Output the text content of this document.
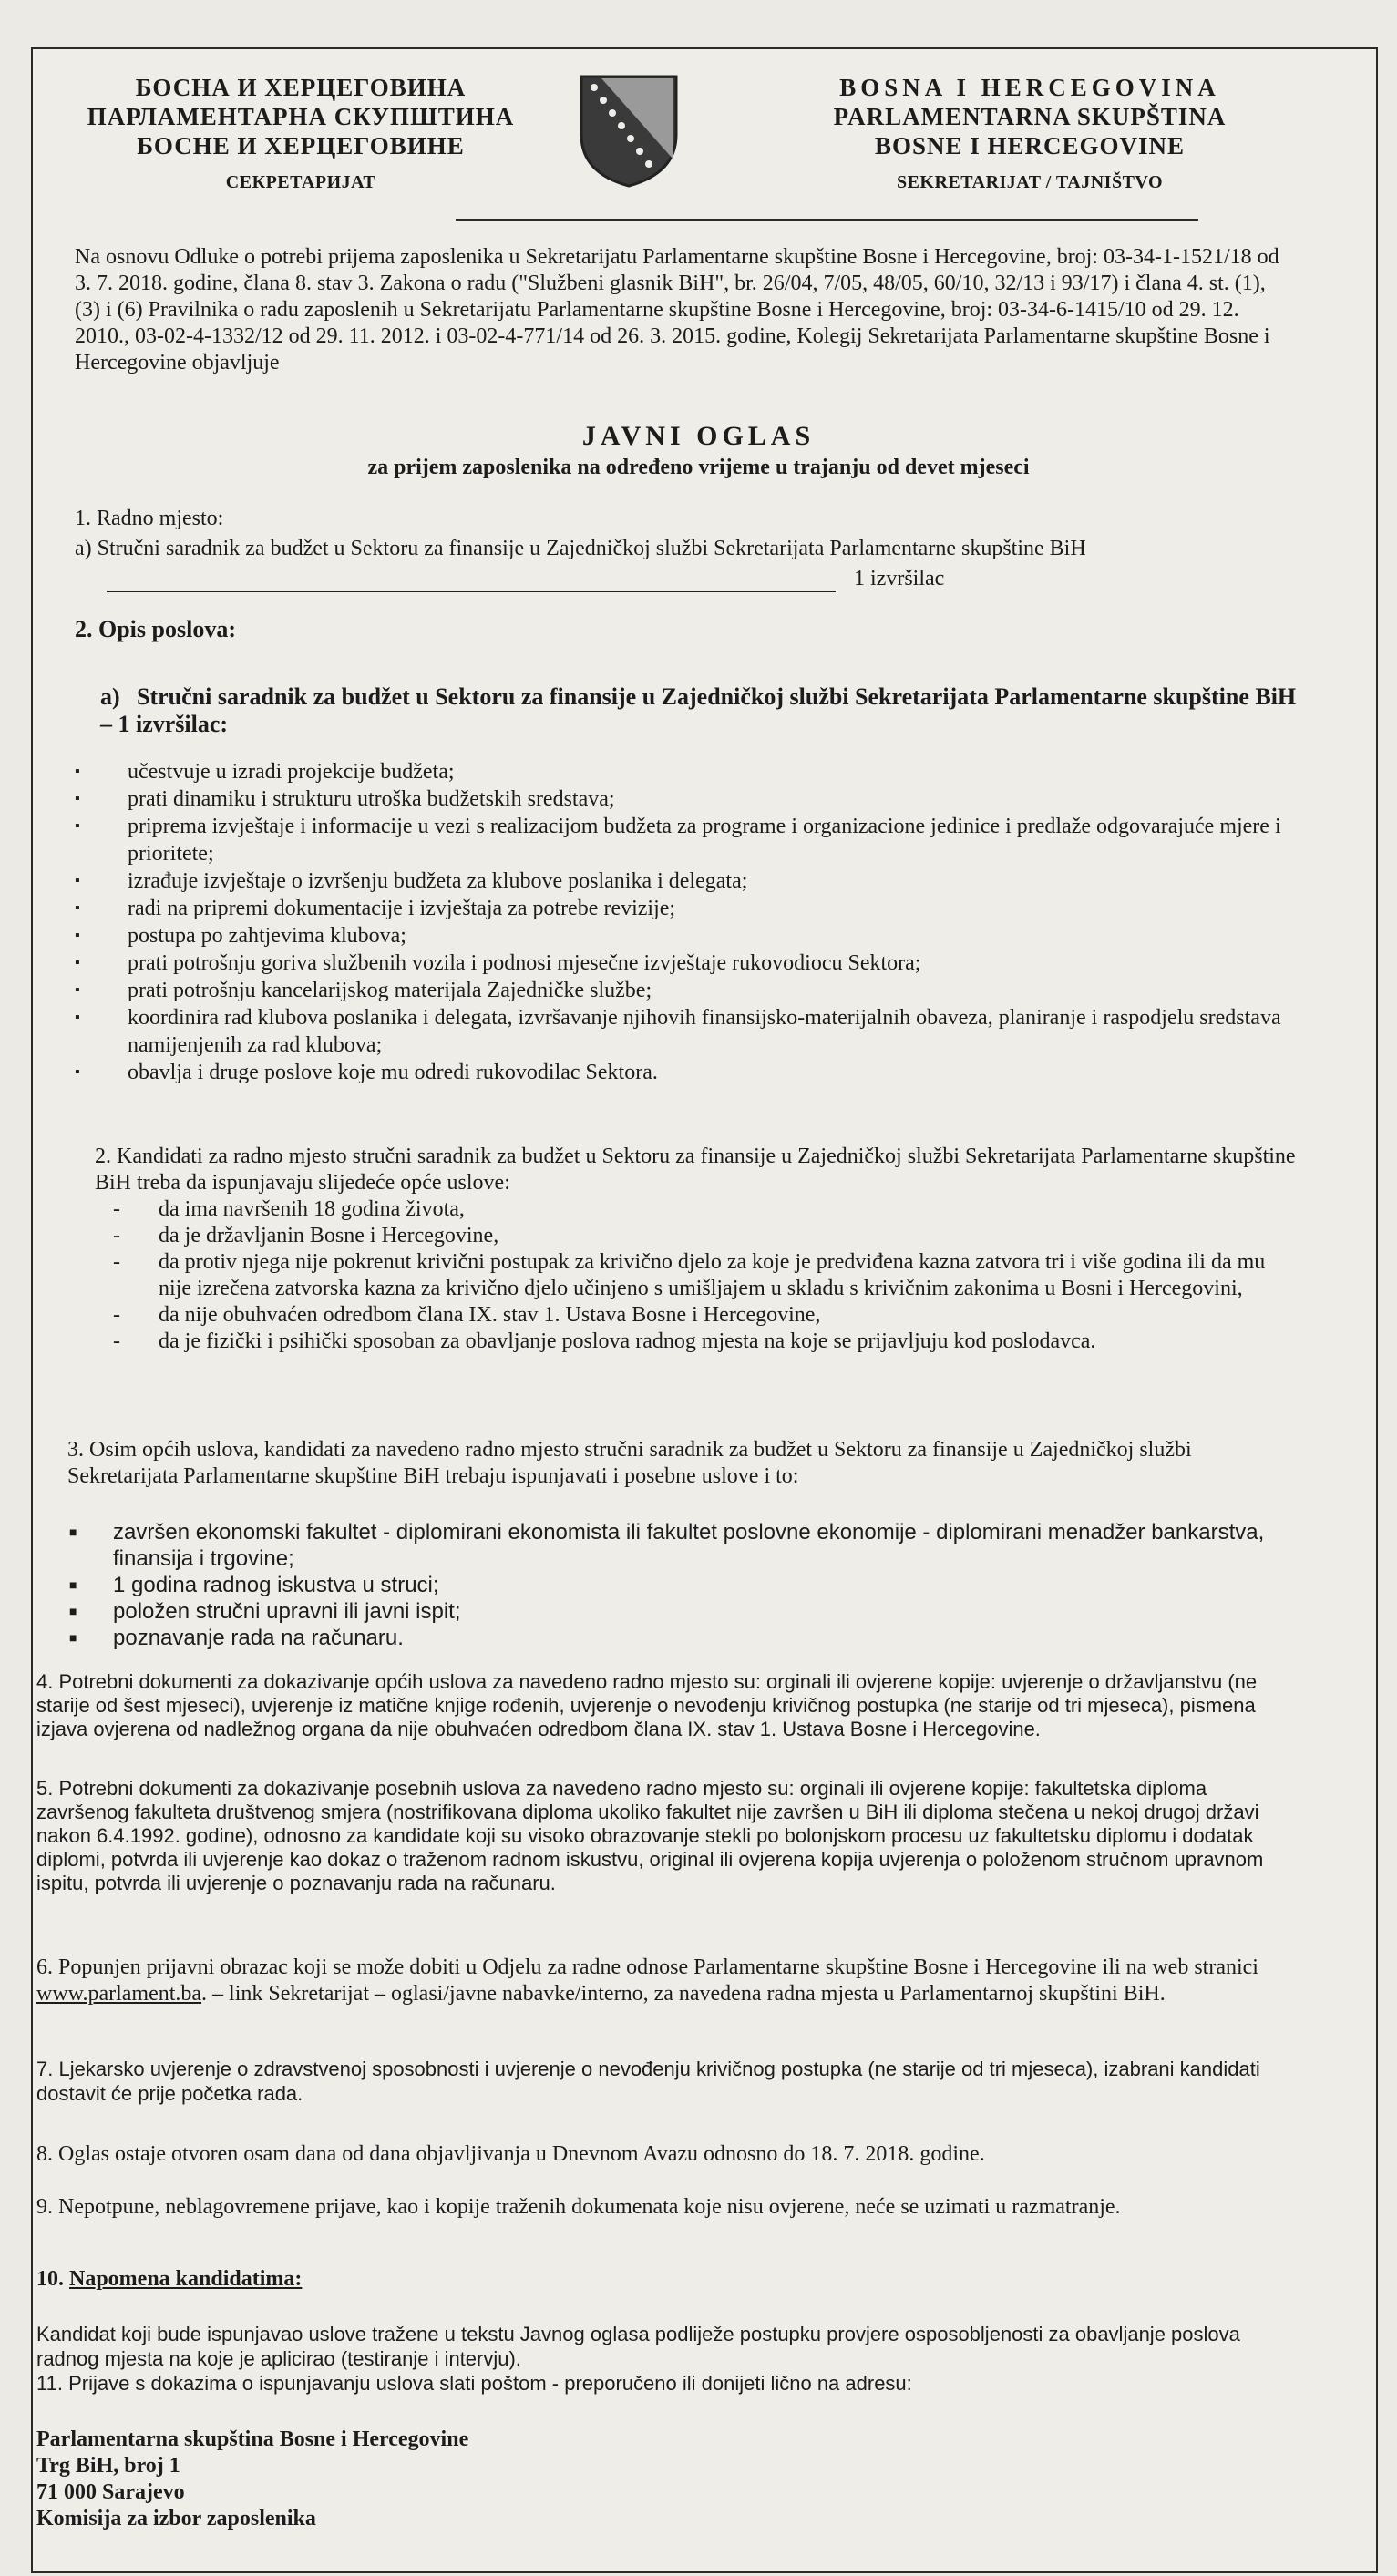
БОСНА И ХЕРЦЕГОВИНА
ПАРЛАМЕНТАРНА СКУПШТИНА
БОСНЕ И ХЕРЦЕГОВИНЕ
СЕКРЕТАРИЈАТ
BOSNA I HERCEGOVINA
PARLAMENTARNA SKUPŠTINA
BOSNE I HERCEGOVINE
SEKRETARIJAT / TAJNIŠTVO
Na osnovu Odluke o potrebi prijema zaposlenika u Sekretarijatu Parlamentarne skupštine Bosne i Hercegovine, broj: 03-34-1-1521/18 od 3. 7. 2018. godine, člana 8. stav 3. Zakona o radu ("Službeni glasnik BiH", br. 26/04, 7/05, 48/05, 60/10, 32/13 i 93/17) i člana 4. st. (1), (3) i (6) Pravilnika o radu zaposlenih u Sekretarijatu Parlamentarne skupštine Bosne i Hercegovine, broj: 03-34-6-1415/10 od 29. 12. 2010., 03-02-4-1332/12 od 29. 11. 2012. i 03-02-4-771/14 od 26. 3. 2015. godine, Kolegij Sekretarijata Parlamentarne skupštine Bosne i Hercegovine objavljuje
JAVNI OGLAS
za prijem zaposlenika na određeno vrijeme u trajanju od devet mjeseci
1. Radno mjesto:
a) Stručni saradnik za budžet u Sektoru za finansije u Zajedničkoj službi Sekretarijata Parlamentarne skupštine BiH
1 izvršilac
2. Opis poslova:
a) Stručni saradnik za budžet u Sektoru za finansije u Zajedničkoj službi Sekretarijata Parlamentarne skupštine BiH – 1 izvršilac:
▪ učestvuje u izradi projekcije budžeta;
▪ prati dinamiku i strukturu utroška budžetskih sredstava;
▪ priprema izvještaje i informacije u vezi s realizacijom budžeta za programe i organizacione jedinice i predlaže odgovarajuće mjere i prioritete;
▪ izrađuje izvještaje o izvršenju budžeta za klubove poslanika i delegata;
▪ radi na pripremi dokumentacije i izvještaja za potrebe revizije;
▪ postupa po zahtjevima klubova;
▪ prati potrošnju goriva službenih vozila i podnosi mjesečne izvještaje rukovodiocu Sektora;
▪ prati potrošnju kancelarijskog materijala Zajedničke službe;
▪ koordinira rad klubova poslanika i delegata, izvršavanje njihovih finansijsko-materijalnih obaveza, planiranje i raspodjelu sredstava namijenjenih za rad klubova;
▪ obavlja i druge poslove koje mu odredi rukovodilac Sektora.
2. Kandidati za radno mjesto stručni saradnik za budžet u Sektoru za finansije u Zajedničkoj službi Sekretarijata Parlamentarne skupštine BiH treba da ispunjavaju slijedeće opće uslove:
- da ima navršenih 18 godina života,
- da je državljanin Bosne i Hercegovine,
- da protiv njega nije pokrenut krivični postupak za krivično djelo za koje je predviđena kazna zatvora tri i više godina ili da mu nije izrečena zatvorska kazna za krivično djelo učinjeno s umišljajem u skladu s krivičnim zakonima u Bosni i Hercegovini,
- da nije obuhvaćen odredbom člana IX. stav 1. Ustava Bosne i Hercegovine,
- da je fizički i psihički sposoban za obavljanje poslova radnog mjesta na koje se prijavljuju kod poslodavca.
3. Osim općih uslova, kandidati za navedeno radno mjesto stručni saradnik za budžet u Sektoru za finansije u Zajedničkoj službi Sekretarijata Parlamentarne skupštine BiH trebaju ispunjavati i posebne uslove i to:
■ završen ekonomski fakultet - diplomirani ekonomista ili fakultet poslovne ekonomije - diplomirani menadžer bankarstva, finansija i trgovine;
■ 1 godina radnog iskustva u struci;
■ položen stručni upravni ili javni ispit;
■ poznavanje rada na računaru.
4. Potrebni dokumenti za dokazivanje općih uslova za navedeno radno mjesto su: orginali ili ovjerene kopije: uvjerenje o državljanstvu (ne starije od šest mjeseci), uvjerenje iz matične knjige rođenih, uvjerenje o nevođenju krivičnog postupka (ne starije od tri mjeseca), pismena izjava ovjerena od nadležnog organa da nije obuhvaćen odredbom člana IX. stav 1. Ustava Bosne i Hercegovine.
5. Potrebni dokumenti za dokazivanje posebnih uslova za navedeno radno mjesto su: orginali ili ovjerene kopije: fakultetska diploma završenog fakulteta društvenog smjera (nostrifikovana diploma ukoliko fakultet nije završen u BiH ili diploma stečena u nekoj drugoj državi nakon 6.4.1992. godine), odnosno za kandidate koji su visoko obrazovanje stekli po bolonjskom procesu uz fakultetsku diplomu i dodatak diplomi, potvrda ili uvjerenje kao dokaz o traženom radnom iskustvu, original ili ovjerena kopija uvjerenja o položenom stručnom upravnom ispitu, potvrda ili uvjerenje o poznavanju rada na računaru.
6. Popunjen prijavni obrazac koji se može dobiti u Odjelu za radne odnose Parlamentarne skupštine Bosne i Hercegovine ili na web stranici www.parlament.ba. – link Sekretarijat – oglasi/javne nabavke/interno, za navedena radna mjesta u Parlamentarnoj skupštini BiH.
7. Ljekarsko uvjerenje o zdravstvenoj sposobnosti i uvjerenje o nevođenju krivičnog postupka (ne starije od tri mjeseca), izabrani kandidati dostavit će prije početka rada.
8. Oglas ostaje otvoren osam dana od dana objavljivanja u Dnevnom Avazu odnosno do 18. 7. 2018. godine.
9. Nepotpune, neblagovremene prijave, kao i kopije traženih dokumenata koje nisu ovjerene, neće se uzimati u razmatranje.
10. Napomena kandidatima:
Kandidat koji bude ispunjavao uslove tražene u tekstu Javnog oglasa podliježe postupku provjere osposobljenosti za obavljanje poslova radnog mjesta na koje je aplicirao (testiranje i intervju).
11. Prijave s dokazima o ispunjavanju uslova slati poštom - preporučeno ili donijeti lično na adresu:
Parlamentarna skupština Bosne i Hercegovine
Trg BiH, broj 1
71 000 Sarajevo
Komisija za izbor zaposlenika
